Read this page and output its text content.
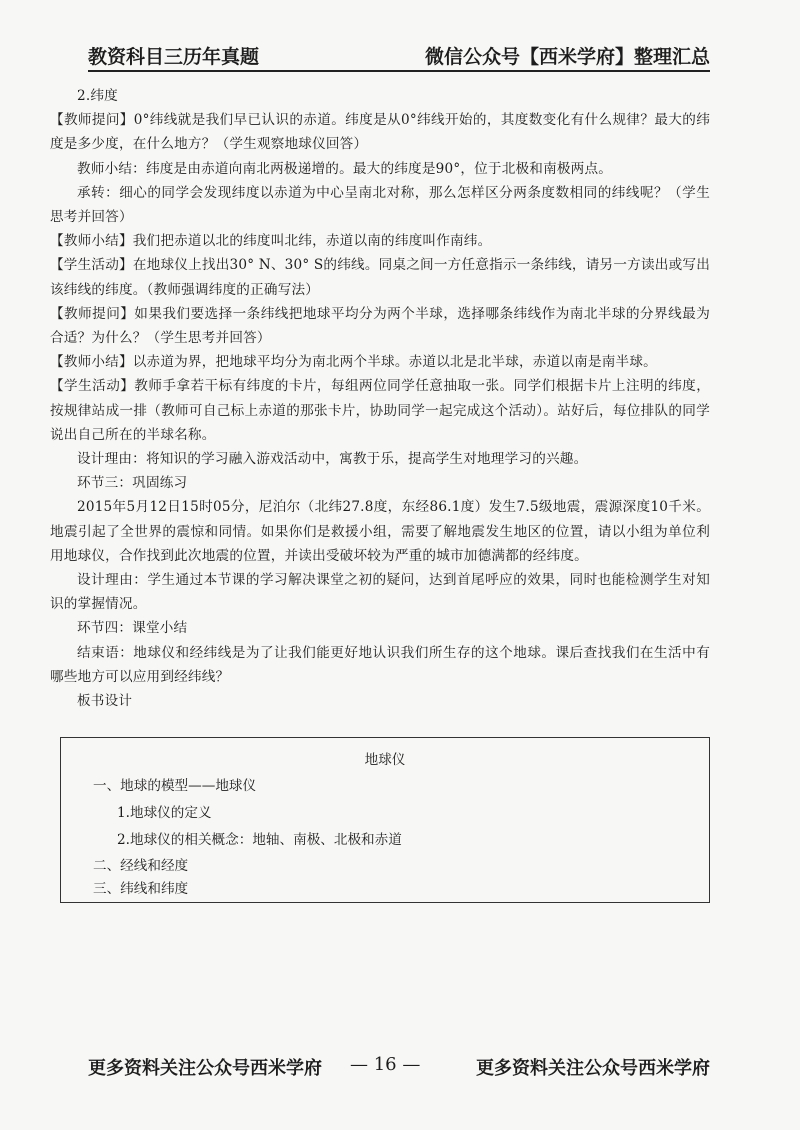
教资科目三历年真题	微信公众号【西米学府】整理汇总

2.纬度

【教师提问】0°纬线就是我们早已认识的赤道。纬度是从0°纬线开始的，其度数变化有什么规律？最大的纬度是多少度，在什么地方？（学生观察地球仪回答）

教师小结：纬度是由赤道向南北两极递增的。最大的纬度是90°，位于北极和南极两点。

承转：细心的同学会发现纬度以赤道为中心呈南北对称，那么怎样区分两条度数相同的纬线呢？（学生思考并回答）

【教师小结】我们把赤道以北的纬度叫北纬，赤道以南的纬度叫作南纬。

【学生活动】在地球仪上找出30° N、30° S的纬线。同桌之间一方任意指示一条纬线，请另一方读出或写出该纬线的纬度。（教师强调纬度的正确写法）

【教师提问】如果我们要选择一条纬线把地球平均分为两个半球，选择哪条纬线作为南北半球的分界线最为合适？为什么？（学生思考并回答）

【教师小结】以赤道为界，把地球平均分为南北两个半球。赤道以北是北半球，赤道以南是南半球。

【学生活动】教师手拿若干标有纬度的卡片，每组两位同学任意抽取一张。同学们根据卡片上注明的纬度，按规律站成一排（教师可自己标上赤道的那张卡片，协助同学一起完成这个活动）。站好后，每位排队的同学说出自己所在的半球名称。

设计理由：将知识的学习融入游戏活动中，寓教于乐，提高学生对地理学习的兴趣。

环节三：巩固练习

2015年5月12日15时05分，尼泊尔（北纬27.8度，东经86.1度）发生7.5级地震，震源深度10千米。地震引起了全世界的震惊和同情。如果你们是救援小组，需要了解地震发生地区的位置，请以小组为单位利用地球仪，合作找到此次地震的位置，并读出受破坏较为严重的城市加德满都的经纬度。

设计理由：学生通过本节课的学习解决课堂之初的疑问，达到首尾呼应的效果，同时也能检测学生对知识的掌握情况。

环节四：课堂小结

结束语：地球仪和经纬线是为了让我们能更好地认识我们所生存的这个地球。课后查找我们在生活中有哪些地方可以应用到经纬线？

板书设计

地球仪
一、地球的模型——地球仪
1.地球仪的定义
2.地球仪的相关概念：地轴、南极、北极和赤道
二、经线和经度
三、纬线和纬度
更多资料关注公众号西米学府 — 16 —	更多资料关注公众号西米学府
